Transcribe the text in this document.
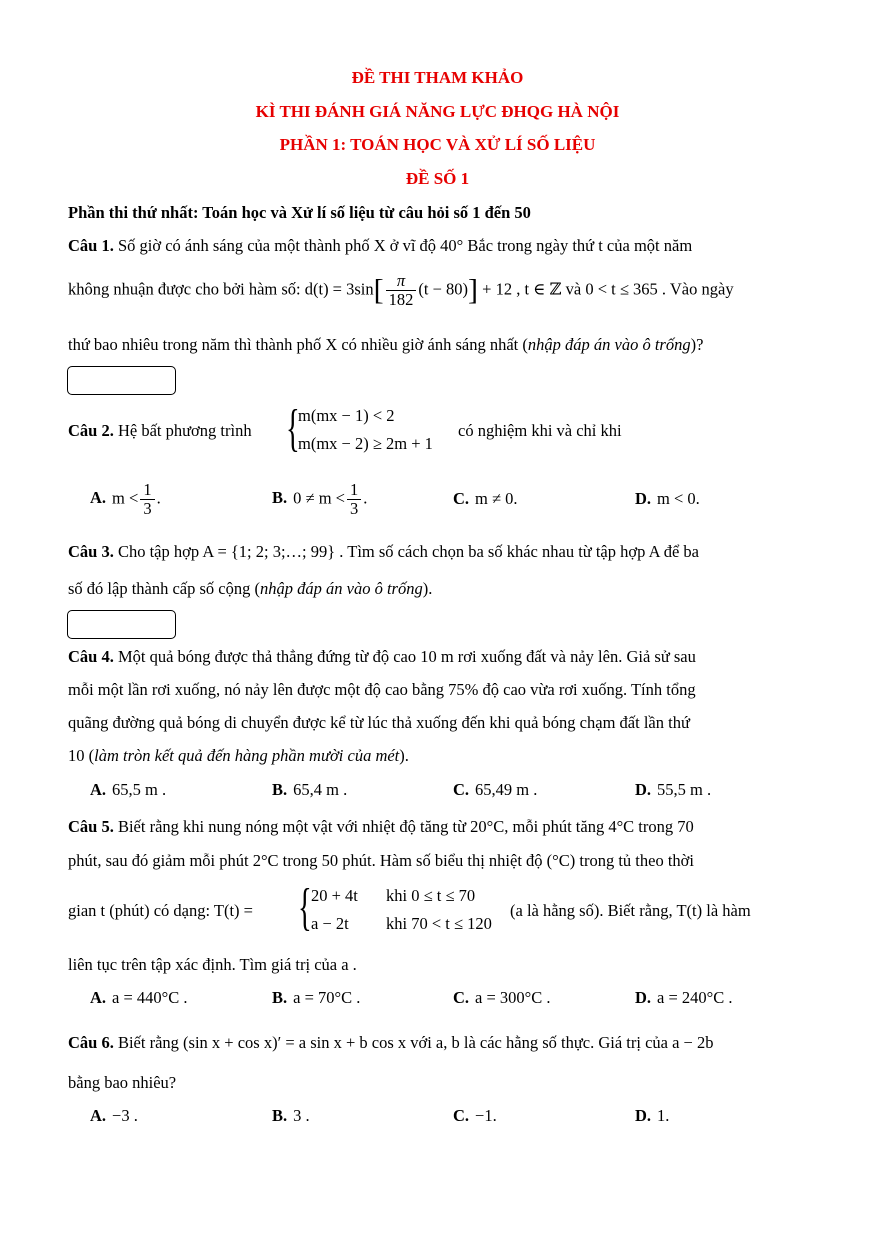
ĐỀ THI THAM KHẢO
KÌ THI ĐÁNH GIÁ NĂNG LỰC ĐHQG HÀ NỘI
PHẦN 1: TOÁN HỌC VÀ XỬ LÍ SỐ LIỆU
ĐỀ SỐ 1
Phần thi thứ nhất: Toán học và Xử lí số liệu từ câu hỏi số 1 đến 50
Câu 1. Số giờ có ánh sáng của một thành phố X ở vĩ độ 40° Bắc trong ngày thứ t của một năm
không nhuận được cho bởi hàm số: $d(t) = 3\sin[ \frac{\pi}{182} (t - 80)] + 12$ , t ∈ ℤ và 0 < t ≤ 365 . Vào ngày
thứ bao nhiêu trong năm thì thành phố X có nhiều giờ ánh sáng nhất (nhập đáp án vào ô trống)?
Câu 2. Hệ bất phương trình {
m(mx − 1) < 2
m(mx − 2) ≥ 2m + 1
có nghiệm khi và chỉ khi
A. $m < \frac{1}{3}$ .	B. $0 \ne m < \frac{1}{3}$ .	C. m ≠ 0.	D. m < 0.
Câu 3. Cho tập hợp A = {1; 2; 3;…; 99} . Tìm số cách chọn ba số khác nhau từ tập hợp A để ba
số đó lập thành cấp số cộng (nhập đáp án vào ô trống).
Câu 4. Một quả bóng được thả thẳng đứng từ độ cao 10 m rơi xuống đất và nảy lên. Giả sử sau
mỗi một lần rơi xuống, nó nảy lên được một độ cao bằng 75% độ cao vừa rơi xuống. Tính tổng
quãng đường quả bóng di chuyển được kể từ lúc thả xuống đến khi quả bóng chạm đất lần thứ
10 (làm tròn kết quả đến hàng phần mười của mét).
A. 65,5 m .	B. 65,4 m .	C. 65,49 m .	D. 55,5 m .
Câu 5. Biết rằng khi nung nóng một vật với nhiệt độ tăng từ 20°C, mỗi phút tăng 4°C trong 70
phút, sau đó giảm mỗi phút 2°C trong 50 phút. Hàm số biểu thị nhiệt độ (°C) trong tủ theo thời
gian t (phút) có dạng: T(t) = { 20 + 4t khi 0 ≤ t ≤ 70
a − 2t khi 70 < t ≤ 120
(a là hằng số). Biết rằng, T(t) là hàm
liên tục trên tập xác định. Tìm giá trị của a .
A. a = 440°C .	B. a = 70°C .	C. a = 300°C .	D. a = 240°C .
Câu 6. Biết rằng (sin x + cos x)′ = a sin x + b cos x với a, b là các hằng số thực. Giá trị của a − 2b
bằng bao nhiêu?
A. −3 .	B. 3 .	C. −1.	D. 1.
